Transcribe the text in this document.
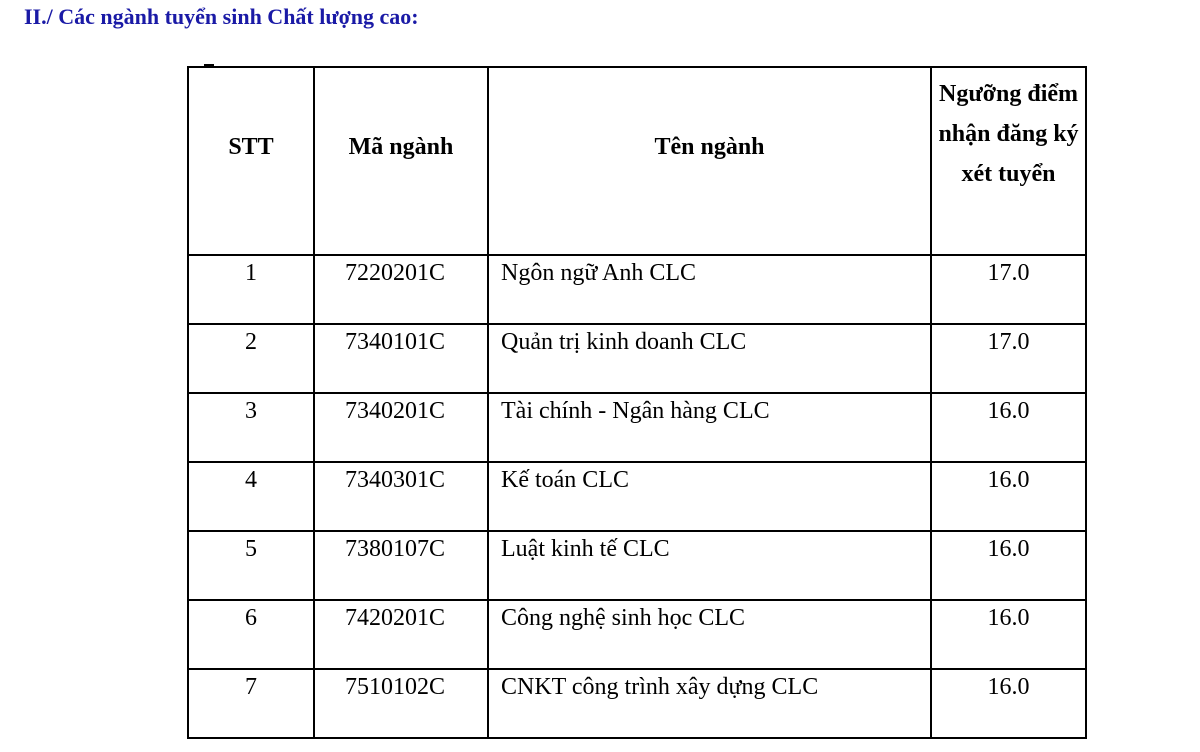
II./ Các ngành tuyển sinh Chất lượng cao:
STT	Mã ngành	Tên ngành	Ngưỡng điểm nhận đăng ký xét tuyển

1	7220201C	Ngôn ngữ Anh CLC	17.0

2	7340101C	Quản trị kinh doanh CLC	17.0

3	7340201C	Tài chính - Ngân hàng CLC	16.0

4	7340301C	Kế toán CLC	16.0

5	7380107C	Luật kinh tế CLC	16.0

6	7420201C	Công nghệ sinh học CLC	16.0

7	7510102C	CNKT công trình xây dựng CLC	16.0
